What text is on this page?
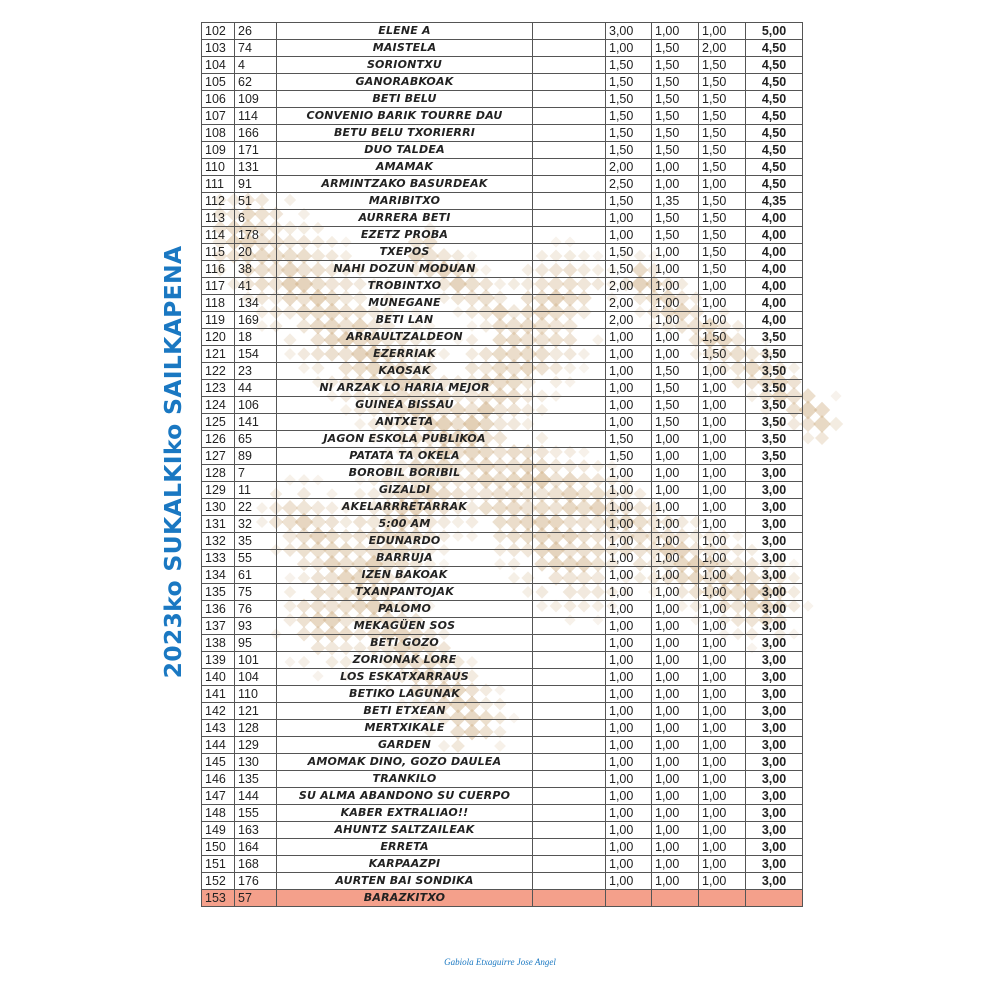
2023ko SUKALKIko SAILKAPENA
102	26	ELENE A		3,00	1,00	1,00	5,00
103	74	MAISTELA		1,00	1,50	2,00	4,50
104	4	SORIONTXU		1,50	1,50	1,50	4,50
105	62	GANORABKOAK		1,50	1,50	1,50	4,50
106	109	BETI BELU		1,50	1,50	1,50	4,50
107	114	CONVENIO BARIK TOURRE DAU		1,50	1,50	1,50	4,50
108	166	BETU BELU TXORIERRI		1,50	1,50	1,50	4,50
109	171	DUO TALDEA		1,50	1,50	1,50	4,50
110	131	AMAMAK		2,00	1,00	1,50	4,50
111	91	ARMINTZAKO BASURDEAK		2,50	1,00	1,00	4,50
112	51	MARIBITXO		1,50	1,35	1,50	4,35
113	6	AURRERA BETI		1,00	1,50	1,50	4,00
114	178	EZETZ PROBA		1,00	1,50	1,50	4,00
115	20	TXEPOS		1,50	1,00	1,50	4,00
116	38	NAHI DOZUN MODUAN		1,50	1,00	1,50	4,00
117	41	TROBINTXO		2,00	1,00	1,00	4,00
118	134	MUNEGANE		2,00	1,00	1,00	4,00
119	169	BETI LAN		2,00	1,00	1,00	4,00
120	18	ARRAULTZALDEON		1,00	1,00	1,50	3,50
121	154	EZERRIAK		1,00	1,00	1,50	3,50
122	23	KAOSAK		1,00	1,50	1,00	3,50
123	44	NI ARZAK LO HARIA MEJOR		1,00	1,50	1,00	3.50
124	106	GUINEA BISSAU		1,00	1,50	1,00	3,50
125	141	ANTXETA		1,00	1,50	1,00	3,50
126	65	JAGON ESKOLA PUBLIKOA		1,50	1,00	1,00	3,50
127	89	PATATA TA OKELA		1,50	1,00	1,00	3,50
128	7	BOROBIL BORIBIL		1,00	1,00	1,00	3,00
129	11	GIZALDI		1,00	1,00	1,00	3,00
130	22	AKELARRRETARRAK		1,00	1,00	1,00	3,00
131	32	5:00 AM		1,00	1,00	1,00	3,00
132	35	EDUNARDO		1,00	1,00	1,00	3,00
133	55	BARRUJA		1,00	1,00	1,00	3,00
134	61	IZEN BAKOAK		1,00	1,00	1,00	3,00
135	75	TXANPANTOJAK		1,00	1,00	1,00	3,00
136	76	PALOMO		1,00	1,00	1,00	3,00
137	93	MEKAGÜEN SOS		1,00	1,00	1,00	3,00
138	95	BETI GOZO		1,00	1,00	1,00	3,00
139	101	ZORIONAK LORE		1,00	1,00	1,00	3,00
140	104	LOS ESKATXARRAUS		1,00	1,00	1,00	3,00
141	110	BETIKO LAGUNAK		1,00	1,00	1,00	3,00
142	121	BETI ETXEAN		1,00	1,00	1,00	3,00
143	128	MERTXIKALE		1,00	1,00	1,00	3,00
144	129	GARDEN		1,00	1,00	1,00	3,00
145	130	AMOMAK DINO, GOZO DAULEA		1,00	1,00	1,00	3,00
146	135	TRANKILO		1,00	1,00	1,00	3,00
147	144	SU ALMA ABANDONO SU CUERPO		1,00	1,00	1,00	3,00
148	155	KABER EXTRALIAO!!		1,00	1,00	1,00	3,00
149	163	AHUNTZ SALTZAILEAK		1,00	1,00	1,00	3,00
150	164	ERRETA		1,00	1,00	1,00	3,00
151	168	KARPAAZPI		1,00	1,00	1,00	3,00
152	176	AURTEN BAI SONDIKA		1,00	1,00	1,00	3,00
153	57	BARAZKITXO					
Gabiola Etxaguirre Jose Angel
